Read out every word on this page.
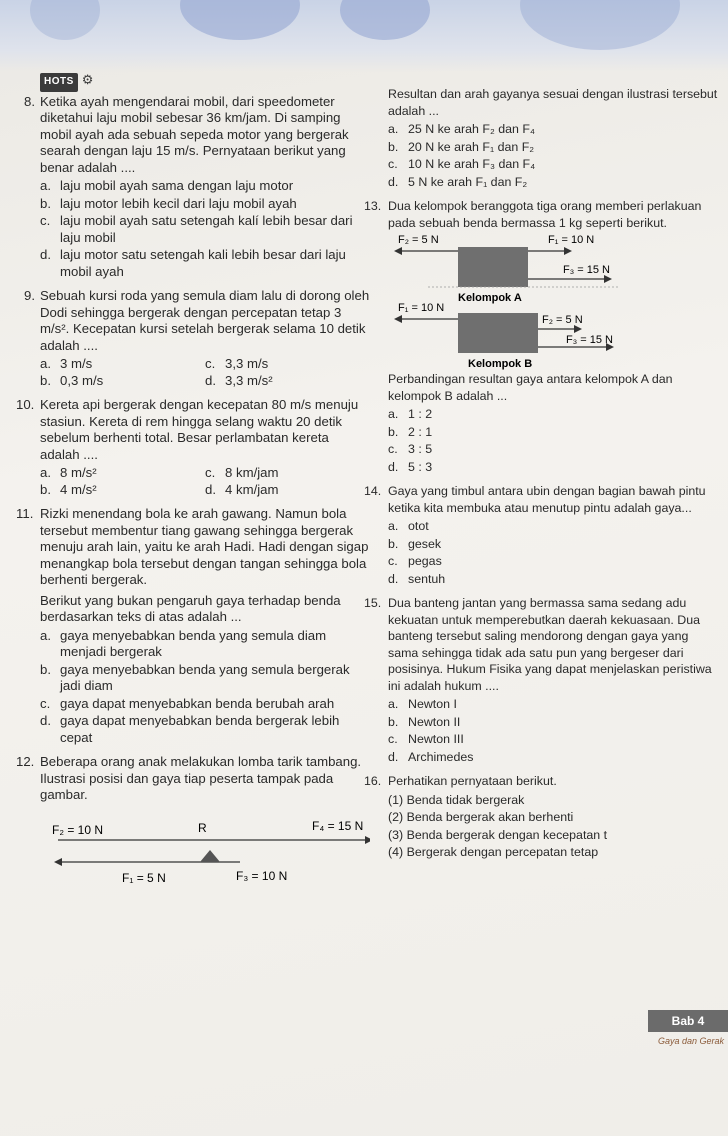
HOTS ⚙
8. Ketika ayah mengendarai mobil, dari speedometer diketahui laju mobil sebesar 36 km/jam. Di samping mobil ayah ada sebuah sepeda motor yang bergerak searah dengan laju 15 m/s. Pernyataan berikut yang benar adalah ....
a. laju mobil ayah sama dengan laju motor
b. laju motor lebih kecil dari laju mobil ayah
c. laju mobil ayah satu setengah kalí lebih besar dari laju mobil
d. laju motor satu setengah kali lebih besar dari laju mobil ayah
9. Sebuah kursi roda yang semula diam lalu di dorong oleh Dodi sehingga bergerak dengan percepatan tetap 3 m/s². Kecepatan kursi setelah bergerak selama 10 detik adalah ....
a. 3 m/s	c. 3,3 m/s
b. 0,3 m/s	d. 3,3 m/s²
10. Kereta api bergerak dengan kecepatan 80 m/s menuju stasiun. Kereta di rem hingga selang waktu 20 detik sebelum berhenti total. Besar perlambatan kereta adalah ....
a. 8 m/s²	c. 8 km/jam
b. 4 m/s²	d. 4 km/jam
11. Rizki menendang bola ke arah gawang. Namun bola tersebut membentur tiang gawang sehingga bergerak menuju arah lain, yaitu ke arah Hadi. Hadi dengan sigap menangkap bola tersebut dengan tangan sehingga bola berhenti bergerak.
Berikut yang bukan pengaruh gaya terhadap benda berdasarkan teks di atas adalah ...
a. gaya menyebabkan benda yang semula diam menjadi bergerak
b. gaya menyebabkan benda yang semula bergerak jadi diam
c. gaya dapat menyebabkan benda berubah arah
d. gaya dapat menyebabkan benda bergerak lebih cepat
12. Beberapa orang anak melakukan lomba tarik tambang. Ilustrasi posisi dan gaya tiap peserta tampak pada gambar.
F₂ = 10 N	R	F₄ = 15 N
F₁ = 5 N	F₃ = 10 N
Resultan dan arah gayanya sesuai dengan ilustrasi tersebut adalah ...
a. 25 N ke arah F₂ dan F₄
b. 20 N ke arah F₁ dan F₂
c. 10 N ke arah F₃ dan F₄
d. 5 N ke arah F₁ dan F₂
13. Dua kelompok beranggota tiga orang memberi perlakuan pada sebuah benda bermassa 1 kg seperti berikut.
F₂ = 5 N	F₁ = 10 N
F₃ = 15 N
Kelompok A
F₁ = 10 N
F₂ = 5 N
F₃ = 15 N
Kelompok B
Perbandingan resultan gaya antara kelompok A dan kelompok B adalah ...
a. 1 : 2
b. 2 : 1
c. 3 : 5
d. 5 : 3
14. Gaya yang timbul antara ubin dengan bagian bawah pintu ketika kita membuka atau menutup pintu adalah gaya...
a. otot
b. gesek
c. pegas
d. sentuh
15. Dua banteng jantan yang bermassa sama sedang adu kekuatan untuk memperebutkan daerah kekuasaan. Dua banteng tersebut saling mendorong dengan gaya yang sama sehingga tidak ada satu pun yang bergeser dari posisinya. Hukum Fisika yang dapat menjelaskan peristiwa ini adalah hukum ....
a. Newton I
b. Newton II
c. Newton III
d. Archimedes
16. Perhatikan pernyataan berikut.
(1) Benda tidak bergerak
(2) Benda bergerak akan berhenti
(3) Benda bergerak dengan kecepatan t
(4) Bergerak dengan percepatan tetap
Bab 4
Gaya dan Gerak
